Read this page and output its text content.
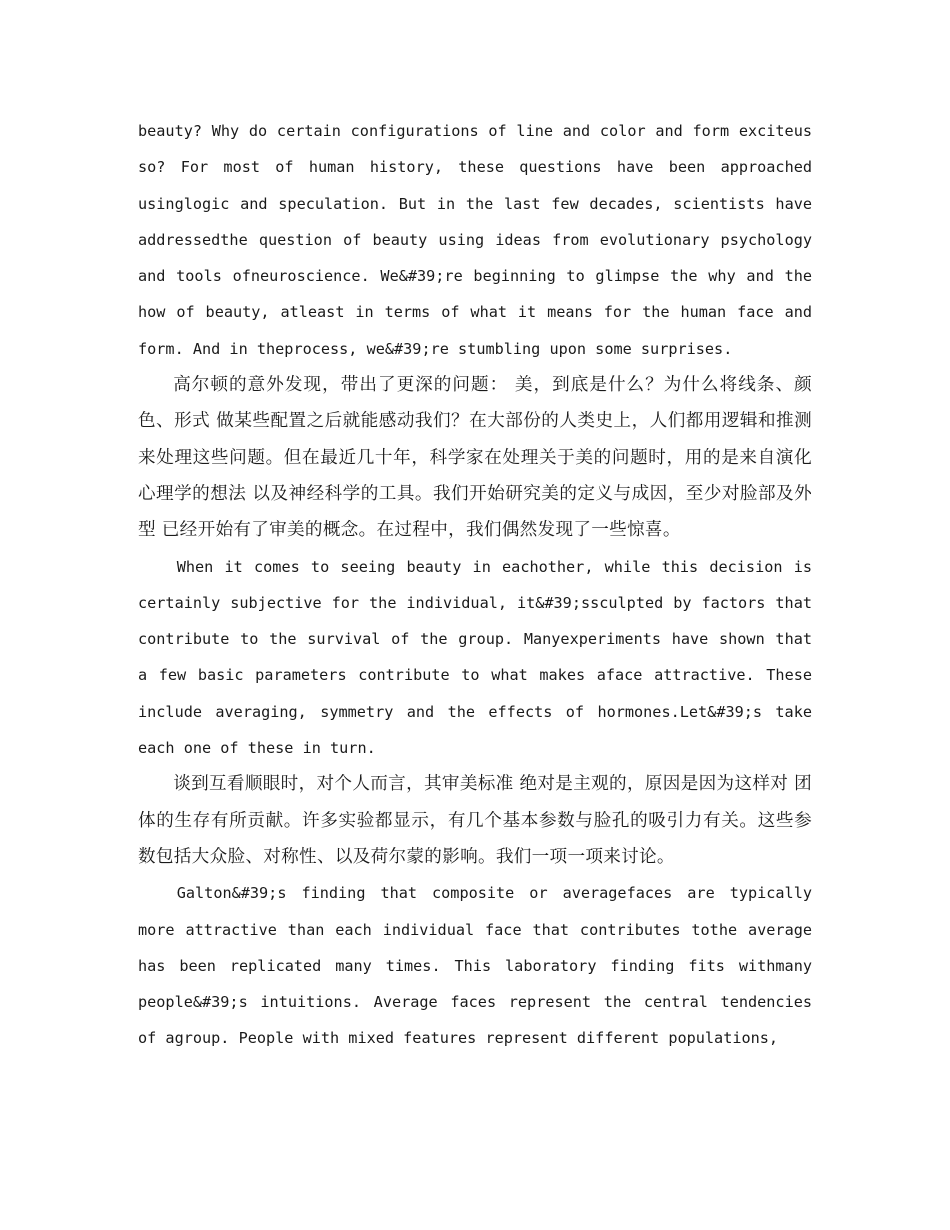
beauty? Why do certain configurations of line and color and form exciteus so? For most of human history, these questions have been approached usinglogic and speculation. But in the last few decades, scientists have addressedthe question of beauty using ideas from evolutionary psychology and tools ofneuroscience. We&#39;re beginning to glimpse the why and the how of beauty, atleast in terms of what it means for the human face and form. And in theprocess, we&#39;re stumbling upon some surprises.

高尔顿的意外发现，带出了更深的问题： 美，到底是什么？为什么将线条、颜色、形式 做某些配置之后就能感动我们？在大部份的人类史上，人们都用逻辑和推测来处理这些问题。但在最近几十年，科学家在处理关于美的问题时，用的是来自演化心理学的想法 以及神经科学的工具。我们开始研究美的定义与成因，至少对脸部及外型 已经开始有了审美的概念。在过程中，我们偶然发现了一些惊喜。

When it comes to seeing beauty in eachother, while this decision is certainly subjective for the individual, it&#39;ssculpted by factors that contribute to the survival of the group. Manyexperiments have shown that a few basic parameters contribute to what makes aface attractive. These include averaging, symmetry and the effects of hormones.Let&#39;s take each one of these in turn.

谈到互看顺眼时，对个人而言，其审美标准 绝对是主观的，原因是因为这样对 团体的生存有所贡献。许多实验都显示，有几个基本参数与脸孔的吸引力有关。这些参数包括大众脸、对称性、以及荷尔蒙的影响。我们一项一项来讨论。

Galton&#39;s finding that composite or averagefaces are typically more attractive than each individual face that contributes tothe average has been replicated many times. This laboratory finding fits withmany people&#39;s intuitions. Average faces represent the central tendencies of agroup. People with mixed features represent different populations,
